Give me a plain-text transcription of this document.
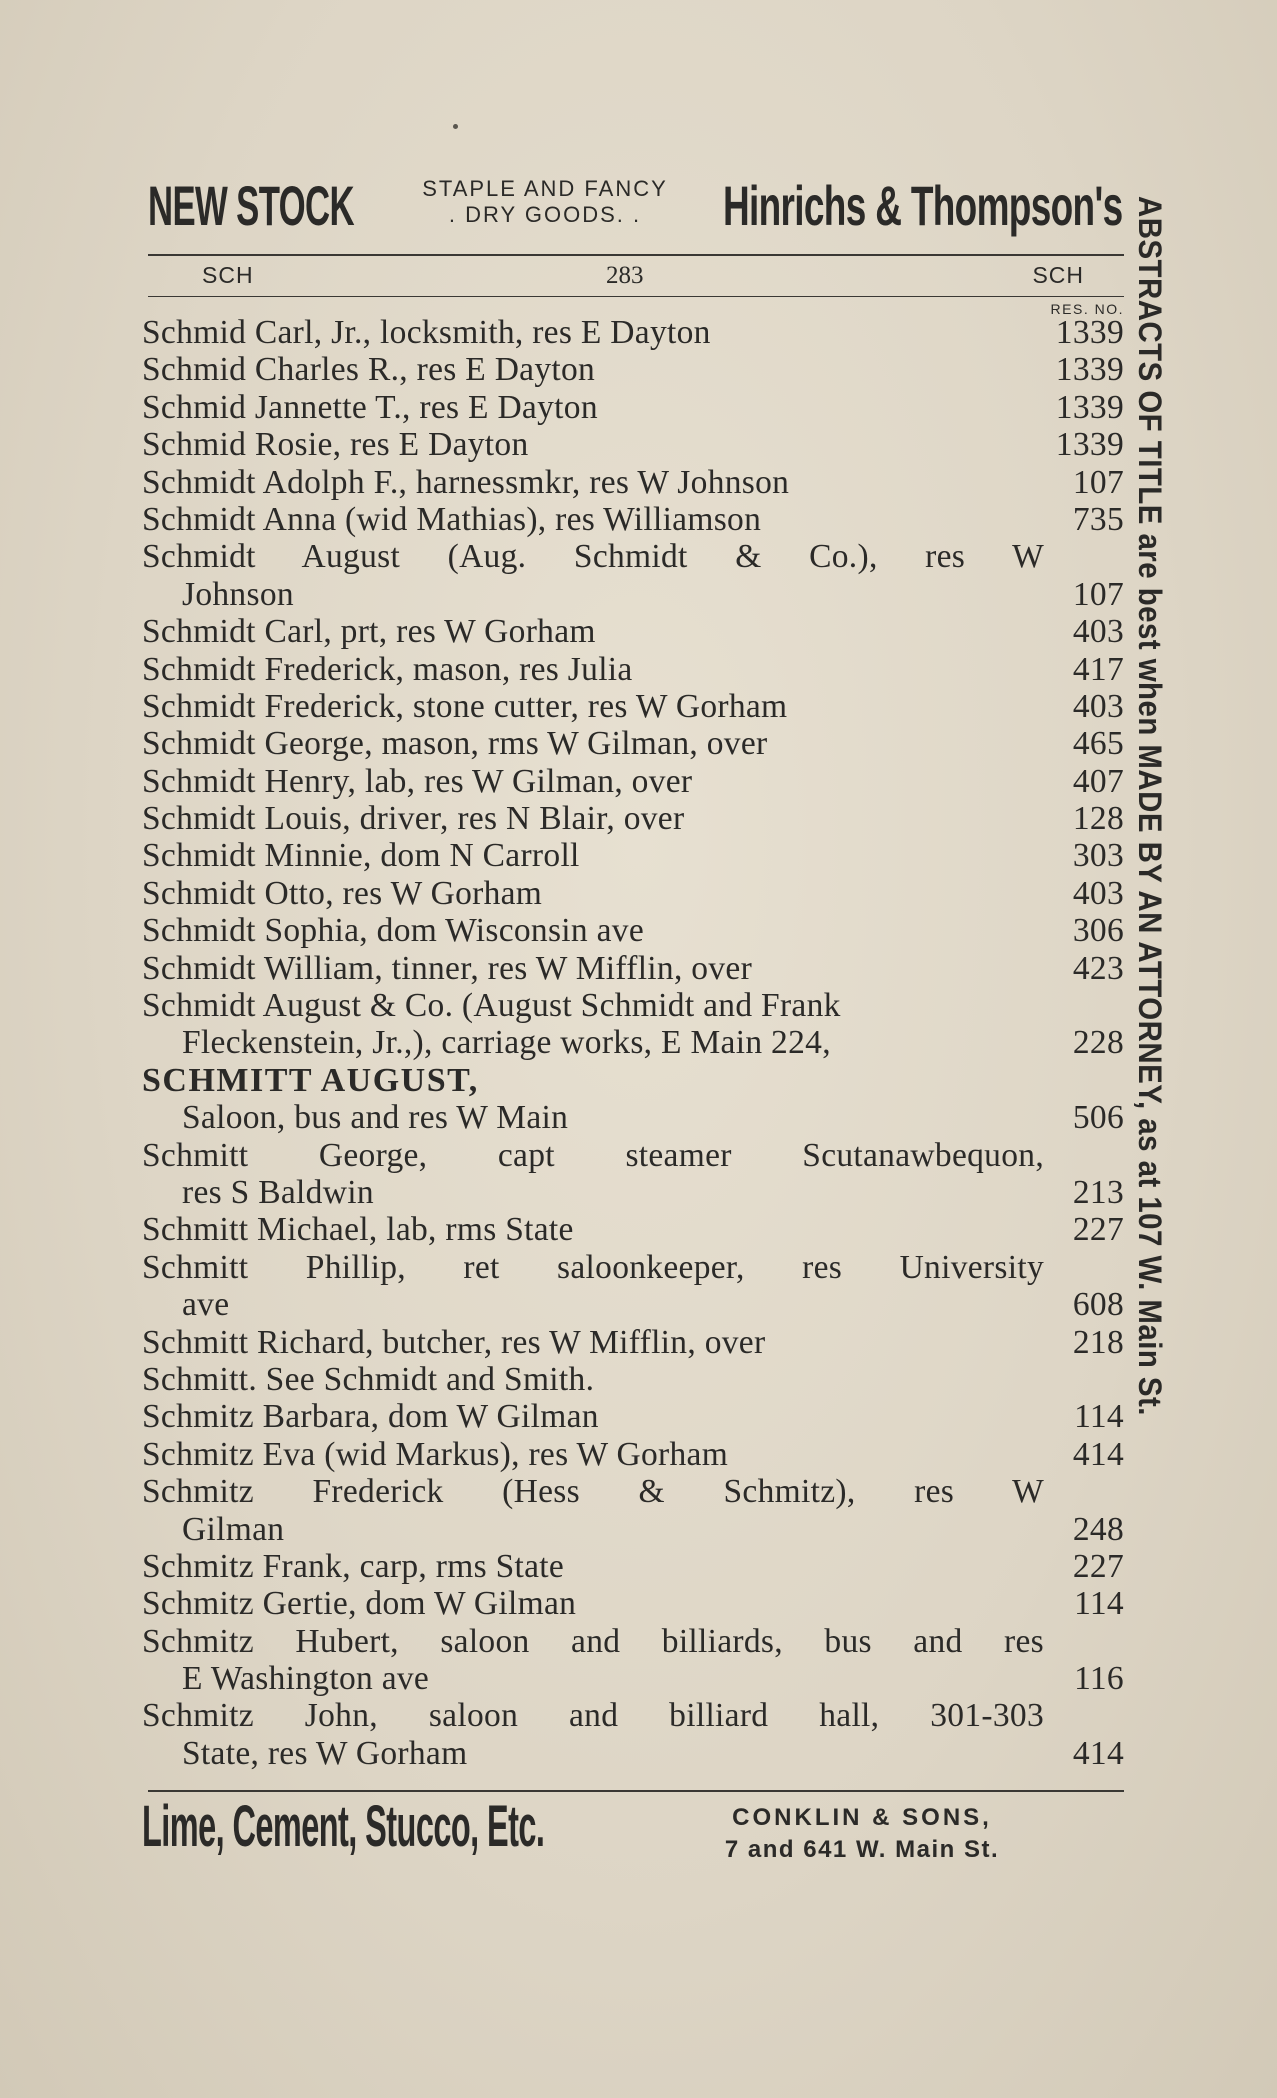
NEW STOCK	STAPLE AND FANCY
. DRY GOODS. .	Hinrichs & Thompson's
SCH	283	SCH
RES. NO.
Schmid Carl, Jr., locksmith, res E Dayton	1339
Schmid Charles R., res E Dayton	1339
Schmid Jannette T., res E Dayton	1339
Schmid Rosie, res E Dayton	1339
Schmidt Adolph F., harnessmkr, res W Johnson	107
Schmidt Anna (wid Mathias), res Williamson	735
Schmidt August (Aug. Schmidt & Co.), res W
Johnson	107
Schmidt Carl, prt, res W Gorham	403
Schmidt Frederick, mason, res Julia	417
Schmidt Frederick, stone cutter, res W Gorham	403
Schmidt George, mason, rms W Gilman, over	465
Schmidt Henry, lab, res W Gilman, over	407
Schmidt Louis, driver, res N Blair, over	128
Schmidt Minnie, dom N Carroll	303
Schmidt Otto, res W Gorham	403
Schmidt Sophia, dom Wisconsin ave	306
Schmidt William, tinner, res W Mifflin, over	423
Schmidt August & Co. (August Schmidt and Frank
Fleckenstein, Jr.,), carriage works, E Main 224,	228
SCHMITT AUGUST,
Saloon, bus and res W Main	506
Schmitt George, capt steamer Scutanawbequon,
res S Baldwin	213
Schmitt Michael, lab, rms State	227
Schmitt Phillip, ret saloonkeeper, res University
ave	608
Schmitt Richard, butcher, res W Mifflin, over	218
Schmitt. See Schmidt and Smith.
Schmitz Barbara, dom W Gilman	114
Schmitz Eva (wid Markus), res W Gorham	414
Schmitz Frederick (Hess & Schmitz), res W
Gilman	248
Schmitz Frank, carp, rms State	227
Schmitz Gertie, dom W Gilman	114
Schmitz Hubert, saloon and billiards, bus and res
E Washington ave	116
Schmitz John, saloon and billiard hall, 301-303
State, res W Gorham	414
Lime, Cement, Stucco, Etc.	CONKLIN & SONS,
7 and 641 W. Main St.
ABSTRACTS OF TITLE are best when MADE BY AN ATTORNEY, as at 107 W. Main St.
